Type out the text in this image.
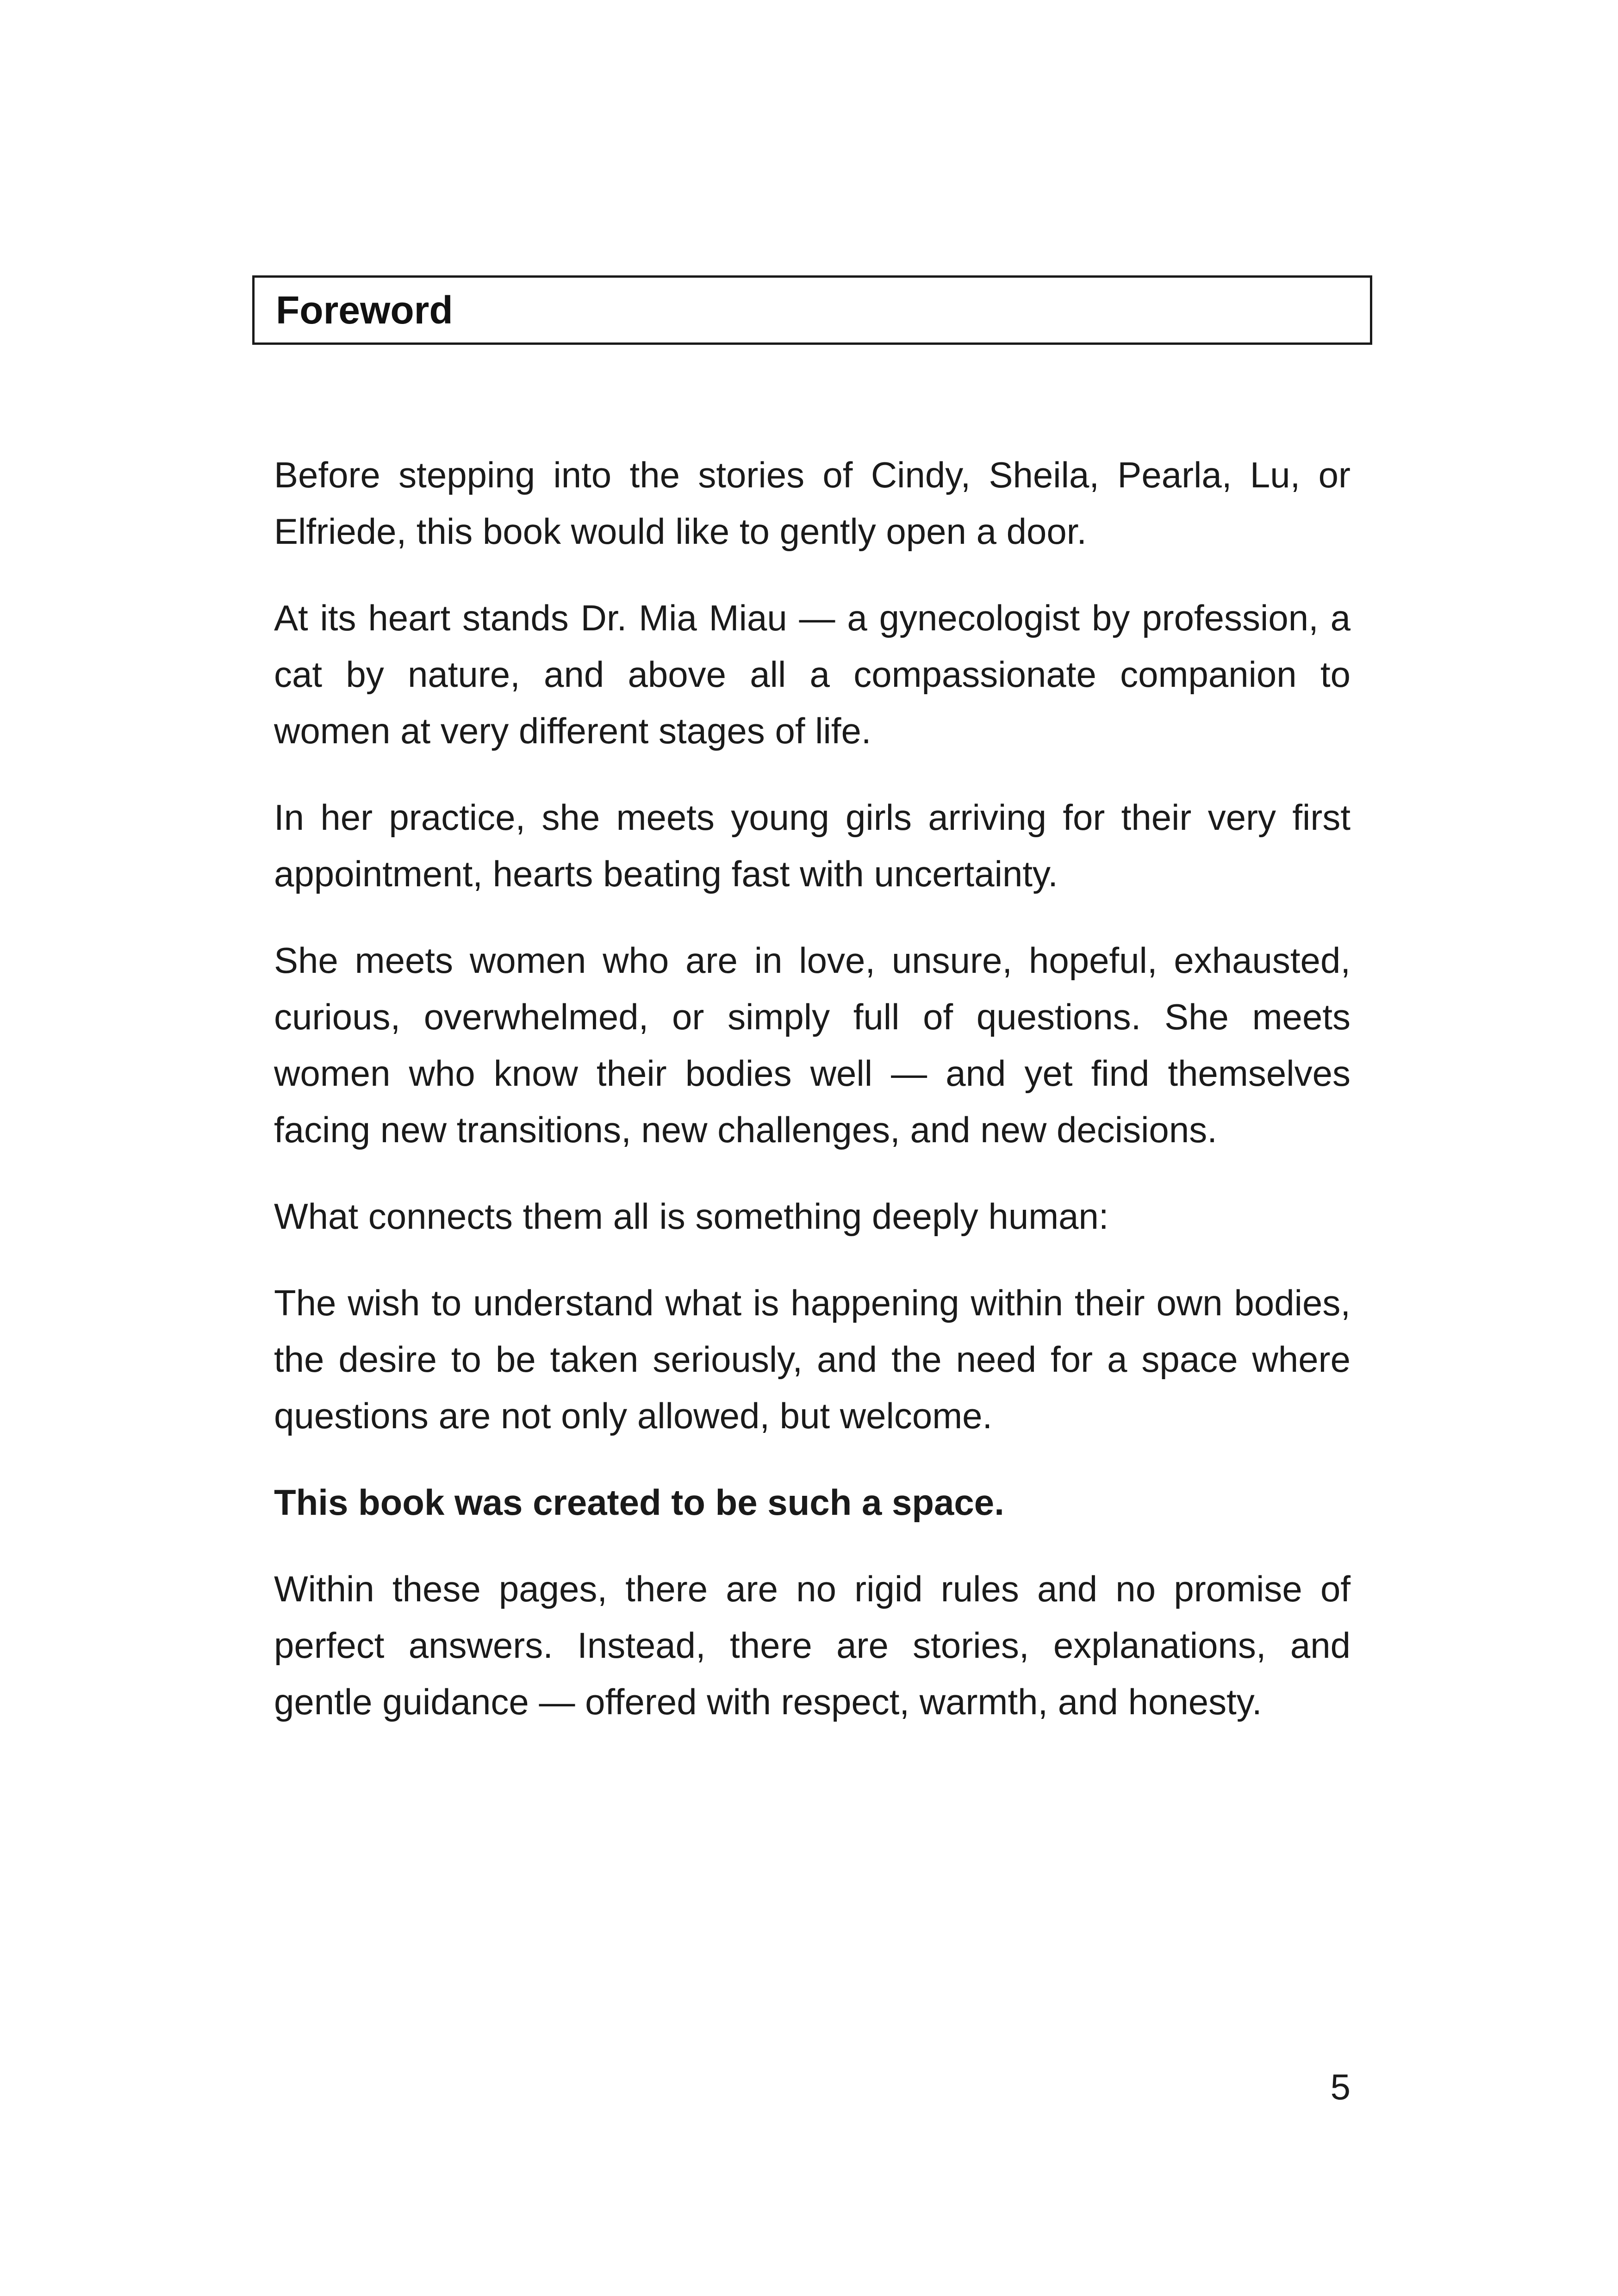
Foreword

Before stepping into the stories of Cindy, Sheila, Pearla, Lu, or Elfriede, this book would like to gently open a door.

At its heart stands Dr. Mia Miau — a gynecologist by profession, a cat by nature, and above all a compassionate companion to women at very different stages of life.

In her practice, she meets young girls arriving for their very first appointment, hearts beating fast with uncertainty.

She meets women who are in love, unsure, hopeful, exhausted, curious, overwhelmed, or simply full of questions. She meets women who know their bodies well — and yet find themselves facing new transitions, new challenges, and new decisions.

What connects them all is something deeply human:

The wish to understand what is happening within their own bodies, the desire to be taken seriously, and the need for a space where questions are not only allowed, but welcome.

This book was created to be such a space.

Within these pages, there are no rigid rules and no promise of perfect answers. Instead, there are stories, explanations, and gentle guidance — offered with respect, warmth, and honesty.

5
